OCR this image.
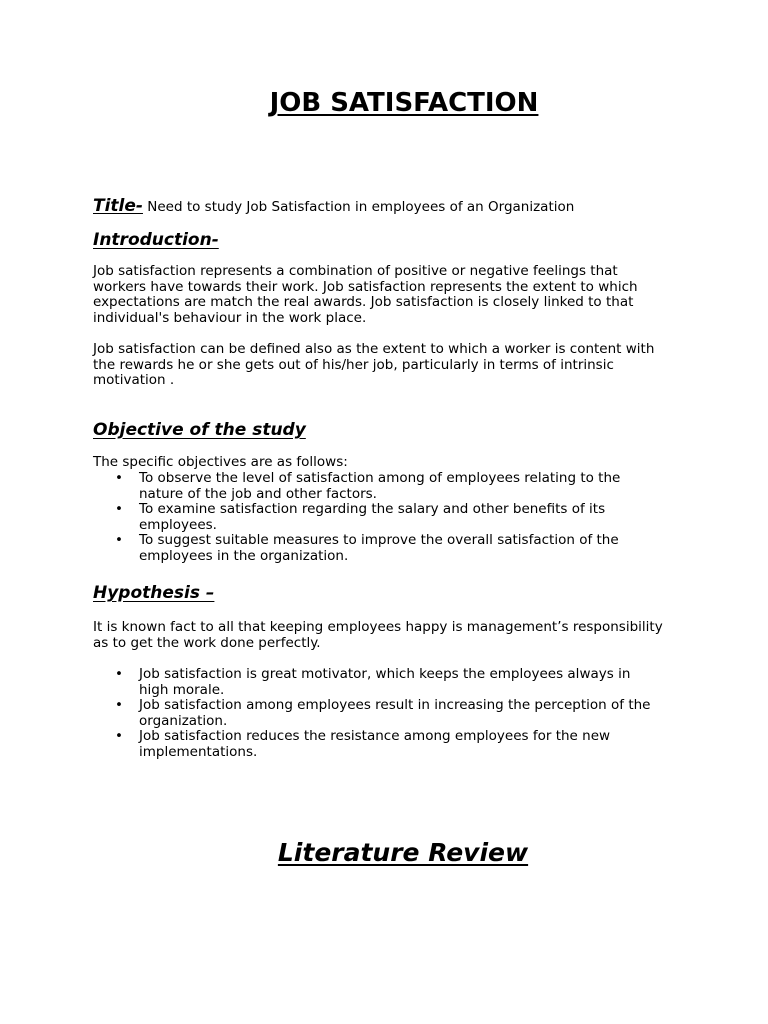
JOB SATISFACTION

Title- Need to study Job Satisfaction in employees of an Organization

Introduction-

Job satisfaction represents a combination of positive or negative feelings that workers have towards their work. Job satisfaction represents the extent to which expectations are match the real awards. Job satisfaction is closely linked to that individual's behaviour in the work place.

Job satisfaction can be defined also as the extent to which a worker is content with the rewards he or she gets out of his/her job, particularly in terms of intrinsic motivation .

Objective of the study

The specific objectives are as follows:

• To observe the level of satisfaction among of employees relating to the nature of the job and other factors.
• To examine satisfaction regarding the salary and other benefits of its employees.
• To suggest suitable measures to improve the overall satisfaction of the employees in the organization.
Hypothesis –

It is known fact to all that keeping employees happy is management’s responsibility as to get the work done perfectly.

• Job satisfaction is great motivator, which keeps the employees always in high morale.
• Job satisfaction among employees result in increasing the perception of the organization.
• Job satisfaction reduces the resistance among employees for the new implementations.
Literature Review
